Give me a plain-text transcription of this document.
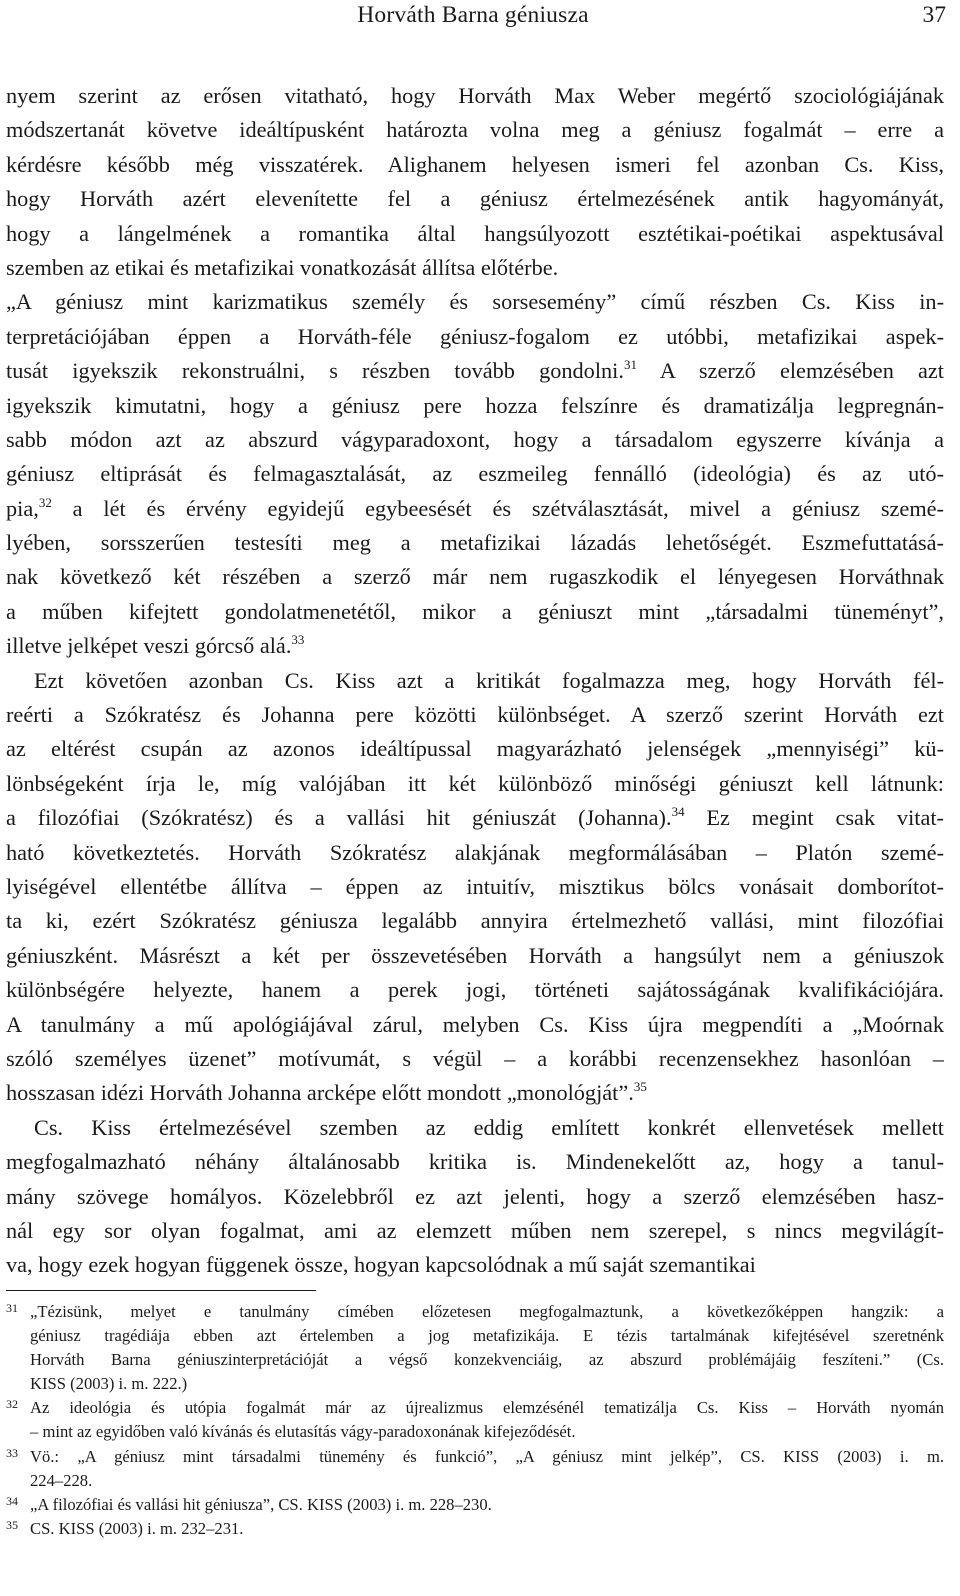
Horváth Barna géniusza	37
nyem szerint az erősen vitatható, hogy Horváth Max Weber megértő szociológiájának
módszertanát követve ideáltípusként határozta volna meg a géniusz fogalmát – erre a
kérdésre később még visszatérek. Alighanem helyesen ismeri fel azonban Cs. Kiss,
hogy Horváth azért elevenítette fel a géniusz értelmezésének antik hagyományát,
hogy a lángelmének a romantika által hangsúlyozott esztétikai-poétikai aspektusával
szemben az etikai és metafizikai vonatkozását állítsa előtérbe.
„A géniusz mint karizmatikus személy és sorsesemény” című részben Cs. Kiss in-
terpretációjában éppen a Horváth-féle géniusz-fogalom ez utóbbi, metafizikai aspek-
tusát igyekszik rekonstruálni, s részben tovább gondolni.$^{31}$ A szerző elemzésében azt
igyekszik kimutatni, hogy a géniusz pere hozza felszínre és dramatizálja legpregnán-
sabb módon azt az abszurd vágyparadoxont, hogy a társadalom egyszerre kívánja a
géniusz eltiprását és felmagasztalását, az eszmeileg fennálló (ideológia) és az utó-
pia,$^{32}$ a lét és érvény egyidejű egybeesését és szétválasztását, mivel a géniusz szemé-
lyében, sorsszerűen testesíti meg a metafizikai lázadás lehetőségét. Eszmefuttatásá-
nak következő két részében a szerző már nem rugaszkodik el lényegesen Horváthnak
a műben kifejtett gondolatmenetétől, mikor a géniuszt mint „társadalmi tüneményt”,
illetve jelképet veszi górcső alá.$^{33}$
Ezt követően azonban Cs. Kiss azt a kritikát fogalmazza meg, hogy Horváth fél-
reérti a Szókratész és Johanna pere közötti különbséget. A szerző szerint Horváth ezt
az eltérést csupán az azonos ideáltípussal magyarázható jelenségek „mennyiségi” kü-
lönbségeként írja le, míg valójában itt két különböző minőségi géniuszt kell látnunk:
a filozófiai (Szókratész) és a vallási hit géniuszát (Johanna).$^{34}$ Ez megint csak vitat-
ható következtetés. Horváth Szókratész alakjának megformálásában – Platón szemé-
lyiségével ellentétbe állítva – éppen az intuitív, misztikus bölcs vonásait domborítot-
ta ki, ezért Szókratész géniusza legalább annyira értelmezhető vallási, mint filozófiai
géniuszként. Másrészt a két per összevetésében Horváth a hangsúlyt nem a géniuszok
különbségére helyezte, hanem a perek jogi, történeti sajátosságának kvalifikációjára.
A tanulmány a mű apológiájával zárul, melyben Cs. Kiss újra megpendíti a „Moórnak
szóló személyes üzenet” motívumát, s végül – a korábbi recenzensekhez hasonlóan –
hosszasan idézi Horváth Johanna arcképe előtt mondott „monológját”.$^{35}$
Cs. Kiss értelmezésével szemben az eddig említett konkrét ellenvetések mellett
megfogalmazható néhány általánosabb kritika is. Mindenekelőtt az, hogy a tanul-
mány szövege homályos. Közelebbről ez azt jelenti, hogy a szerző elemzésében hasz-
nál egy sor olyan fogalmat, ami az elemzett műben nem szerepel, s nincs megvilágít-
va, hogy ezek hogyan függenek össze, hogyan kapcsolódnak a mű saját szemantikai
31 „Tézisünk, melyet e tanulmány címében előzetesen megfogalmaztunk, a következőképpen hangzik: a
géniusz tragédiája ebben azt értelemben a jog metafizikája. E tézis tartalmának kifejtésével szeretnénk
Horváth Barna géniuszinterpretációját a végső konzekvenciáig, az abszurd problémájáig feszíteni.” (Cs.
KISS (2003) i. m. 222.)
32 Az ideológia és utópia fogalmát már az újrealizmus elemzésénél tematizálja Cs. Kiss – Horváth nyomán
– mint az egyidőben való kívánás és elutasítás vágy-paradoxonának kifejeződését.
33 Vö.: „A géniusz mint társadalmi tünemény és funkció”, „A géniusz mint jelkép”, CS. KISS (2003) i. m.
224–228.
34 „A filozófiai és vallási hit géniusza”, CS. KISS (2003) i. m. 228–230.
35 CS. KISS (2003) i. m. 232–231.
